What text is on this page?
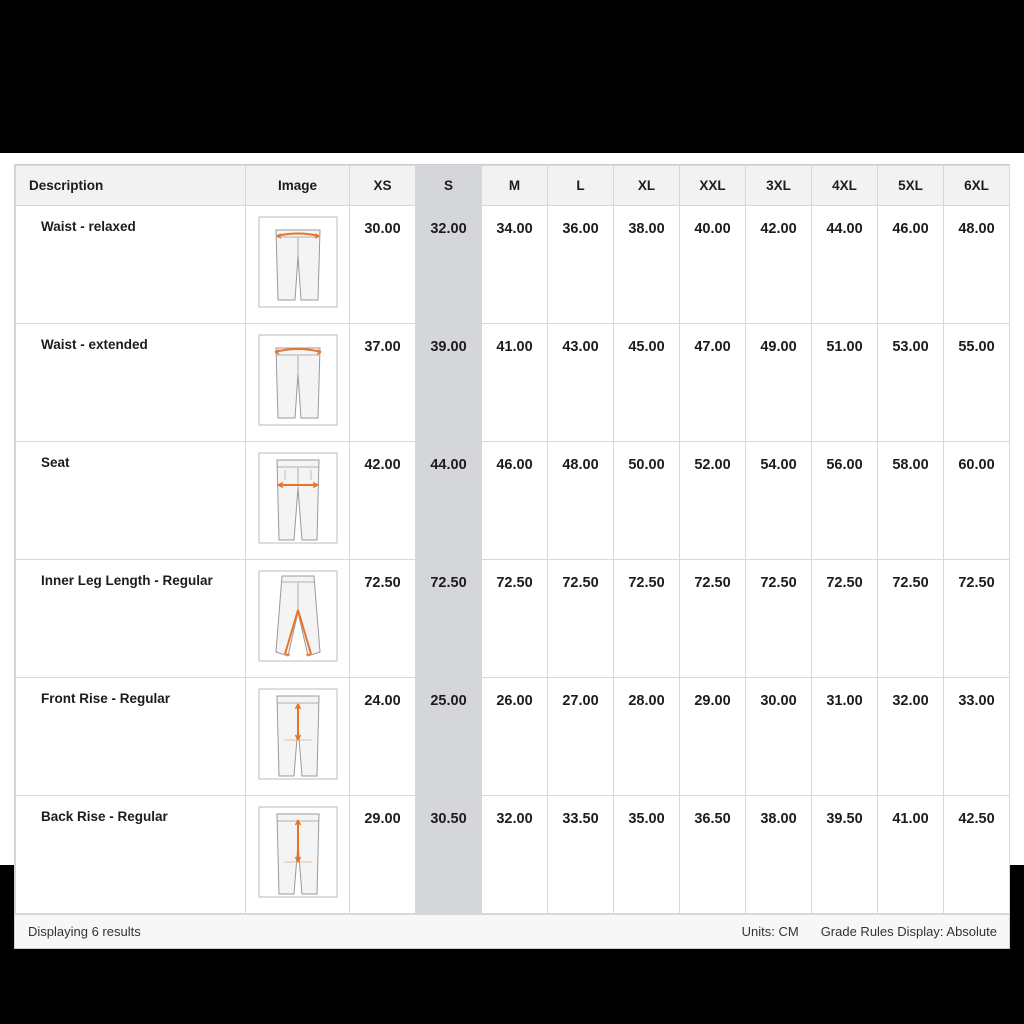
Description	Image	XS	S	M	L	XL	XXL	3XL	4XL	5XL	6XL
Waist - relaxed		30.00	32.00	34.00	36.00	38.00	40.00	42.00	44.00	46.00	48.00
Waist - extended		37.00	39.00	41.00	43.00	45.00	47.00	49.00	51.00	53.00	55.00
Seat		42.00	44.00	46.00	48.00	50.00	52.00	54.00	56.00	58.00	60.00
Inner Leg Length - Regular		72.50	72.50	72.50	72.50	72.50	72.50	72.50	72.50	72.50	72.50
Front Rise - Regular		24.00	25.00	26.00	27.00	28.00	29.00	30.00	31.00	32.00	33.00
Back Rise - Regular		29.00	30.50	32.00	33.50	35.00	36.50	38.00	39.50	41.00	42.50
Displaying 6 results	Units: CM Grade Rules Display: Absolute
